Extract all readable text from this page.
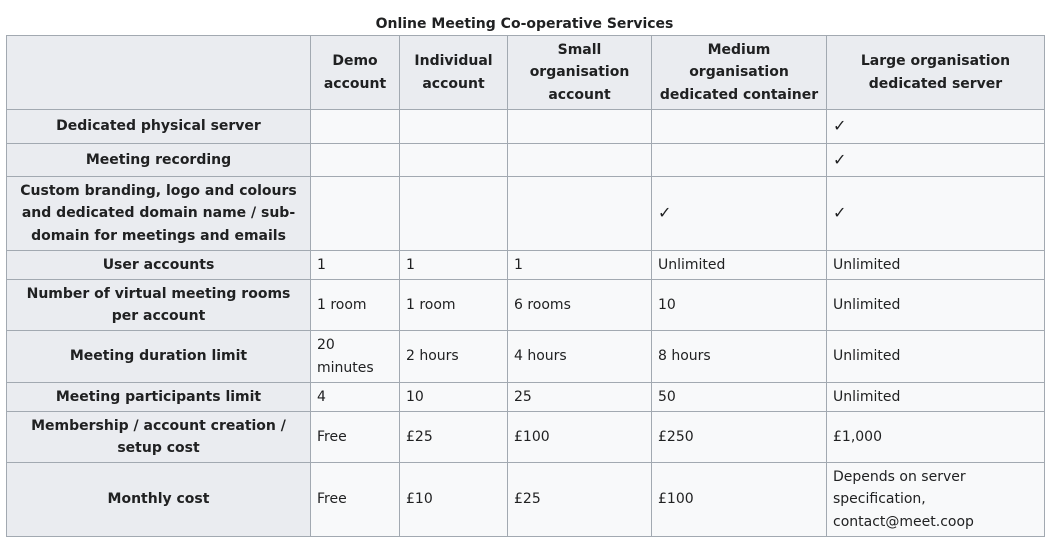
Online Meeting Co-operative Services
	Demo account	Individual account	Small organisation account	Medium organisation dedicated container	Large organisation dedicated server
Dedicated physical server					✓
Meeting recording					✓
Custom branding, logo and colours and dedicated domain name / sub-domain for meetings and emails				✓	✓
User accounts	1	1	1	Unlimited	Unlimited
Number of virtual meeting rooms per account	1 room	1 room	6 rooms	10	Unlimited
Meeting duration limit	20 minutes	2 hours	4 hours	8 hours	Unlimited
Meeting participants limit	4	10	25	50	Unlimited
Membership / account creation / setup cost	Free	£25	£100	£250	£1,000
Monthly cost	Free	£10	£25	£100	Depends on server specification, contact@meet.coop
